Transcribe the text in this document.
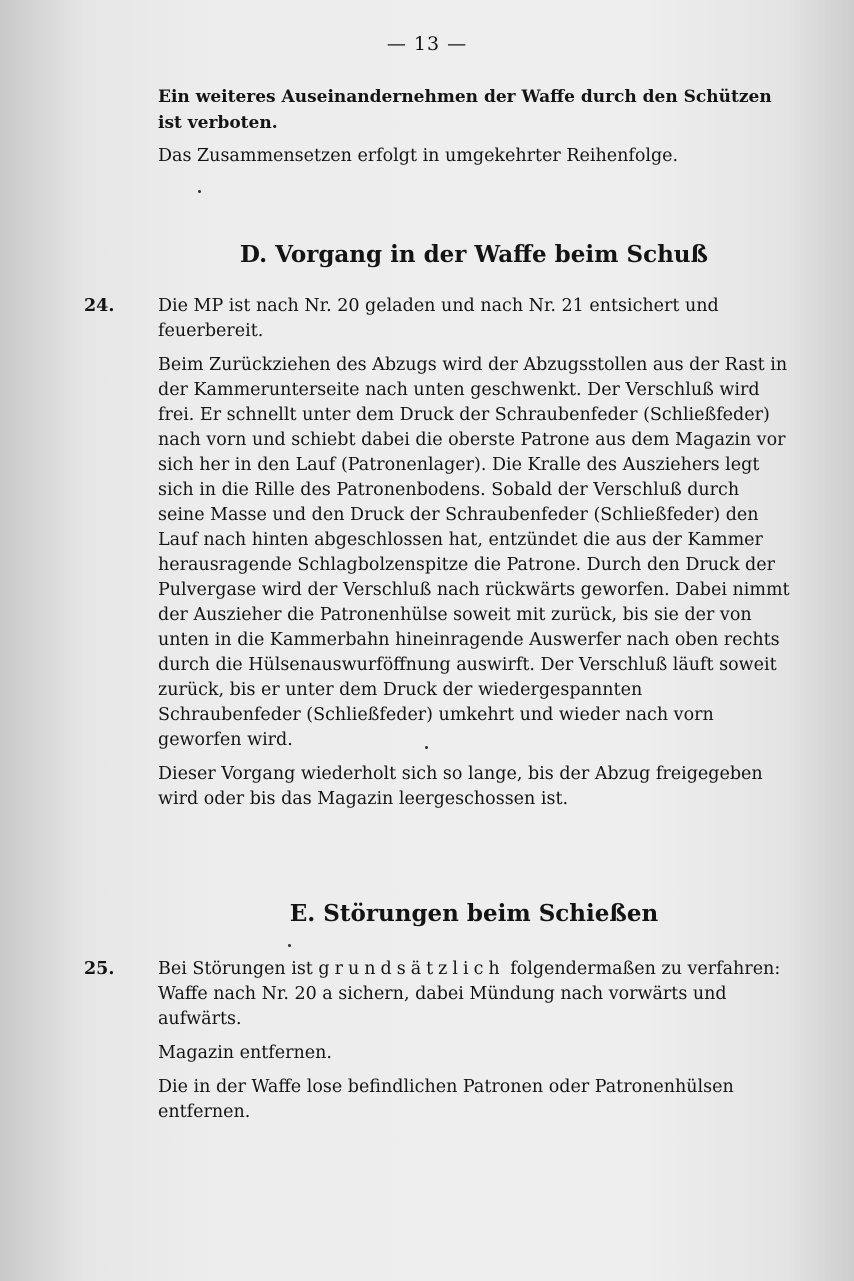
— 13 —

Ein weiteres Auseinandernehmen der Waffe durch den Schützen ist verboten.

Das Zusammensetzen erfolgt in umgekehrter Reihenfolge.

D. Vorgang in der Waffe beim Schuß
24. Die MP ist nach Nr. 20 geladen und nach Nr. 21 entsichert und feuerbereit.

Beim Zurückziehen des Abzugs wird der Abzugsstollen aus der Rast in der Kammerunterseite nach unten geschwenkt. Der Verschluß wird frei. Er schnellt unter dem Druck der Schraubenfeder (Schließfeder) nach vorn und schiebt dabei die oberste Patrone aus dem Magazin vor sich her in den Lauf (Patronenlager). Die Kralle des Ausziehers legt sich in die Rille des Patronenbodens. Sobald der Verschluß durch seine Masse und den Druck der Schraubenfeder (Schließfeder) den Lauf nach hinten abgeschlossen hat, entzündet die aus der Kammer herausragende Schlagbolzenspitze die Patrone. Durch den Druck der Pulvergase wird der Verschluß nach rückwärts geworfen. Dabei nimmt der Auszieher die Patronenhülse soweit mit zurück, bis sie der von unten in die Kammerbahn hineinragende Auswerfer nach oben rechts durch die Hülsenauswurföffnung auswirft. Der Verschluß läuft soweit zurück, bis er unter dem Druck der wiedergespannten Schraubenfeder (Schließfeder) umkehrt und wieder nach vorn geworfen wird.

Dieser Vorgang wiederholt sich so lange, bis der Abzug freigegeben wird oder bis das Magazin leergeschossen ist.

E. Störungen beim Schießen
25. Bei Störungen ist grundsätzlich folgendermaßen zu verfahren: Waffe nach Nr. 20 a sichern, dabei Mündung nach vorwärts und aufwärts.

Magazin entfernen.

Die in der Waffe lose befindlichen Patronen oder Patronenhülsen entfernen.
